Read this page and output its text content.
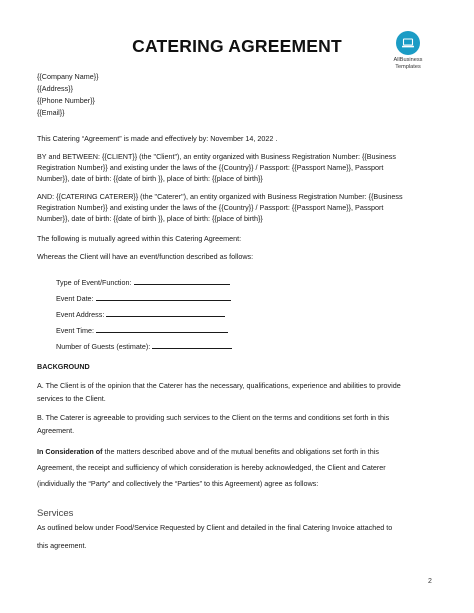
CATERING AGREEMENT
AllBusiness
Templates
{{Company Name}}
{{Address}}
{{Phone Number}}
{{Email}}
This Catering “Agreement” is made and effectively by: November 14, 2022 .
BY and BETWEEN: {{CLIENT}} (the "Client"), an entity organized with Business Registration Number: {{Business
Registration Number}} and existing under the laws of the {{Country}} / Passport: {{Passport Name}}, Passport
Number}}, date of birth: {{date of birth }}, place of birth: {{place of birth}}
AND: {{CATERING CATERER}} (the "Caterer"), an entity organized with Business Registration Number: {{Business
Registration Number}} and existing under the laws of the {{Country}} / Passport: {{Passport Name}}, Passport
Number}}, date of birth: {{date of birth }}, place of birth: {{place of birth}}
The following is mutually agreed within this Catering Agreement:
Whereas the Client will have an event/function described as follows:
Type of Event/Function:
Event Date:
Event Address:
Event Time:
Number of Guests (estimate):
BACKGROUND
A. The Client is of the opinion that the Caterer has the necessary, qualifications, experience and abilities to provide
services to the Client.
B. The Caterer is agreeable to providing such services to the Client on the terms and conditions set forth in this
Agreement.
In Consideration of the matters described above and of the mutual benefits and obligations set forth in this
Agreement, the receipt and sufficiency of which consideration is hereby acknowledged, the Client and Caterer
(individually the “Party” and collectively the “Parties” to this Agreement) agree as follows:
Services
As outlined below under Food/Service Requested by Client and detailed in the final Catering Invoice attached to
this agreement.
2
